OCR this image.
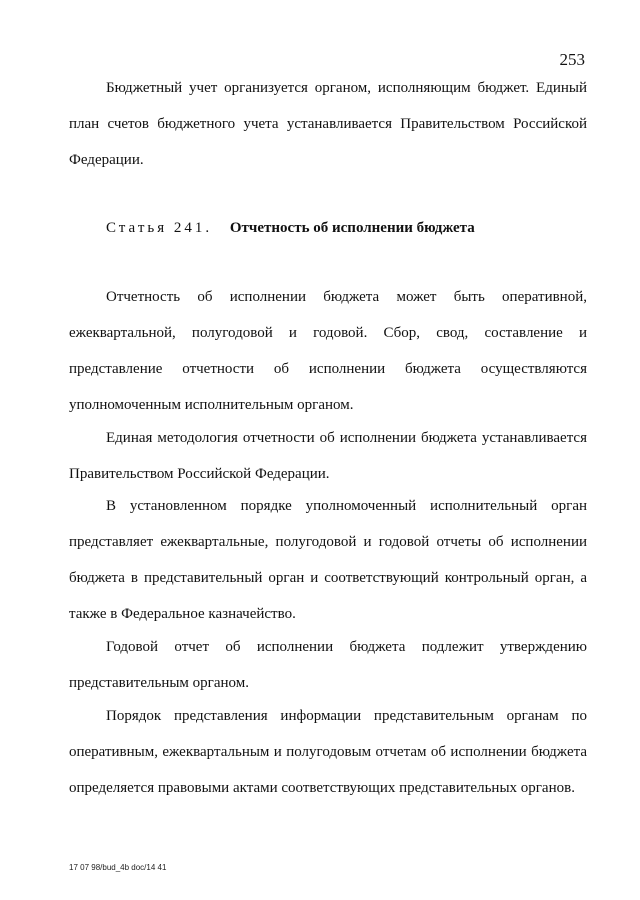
253

Бюджетный учет организуется органом, исполняющим бюджет. Единый план счетов бюджетного учета устанавливается Правительством Российской Федерации.

Статья 241. Отчетность об исполнении бюджета

Отчетность об исполнении бюджета может быть оперативной, ежеквартальной, полугодовой и годовой. Сбор, свод, составление и представление отчетности об исполнении бюджета осуществляются уполномоченным исполнительным органом.

Единая методология отчетности об исполнении бюджета устанавливается Правительством Российской Федерации.

В установленном порядке уполномоченный исполнительный орган представляет ежеквартальные, полугодовой и годовой отчеты об исполнении бюджета в представительный орган и соответствующий контрольный орган, а также в Федеральное казначейство.

Годовой отчет об исполнении бюджета подлежит утверждению представительным органом.

Порядок представления информации представительным органам по оперативным, ежеквартальным и полугодовым отчетам об исполнении бюджета определяется правовыми актами соответствующих представительных органов.

17 07 98/bud_4b doc/14 41
